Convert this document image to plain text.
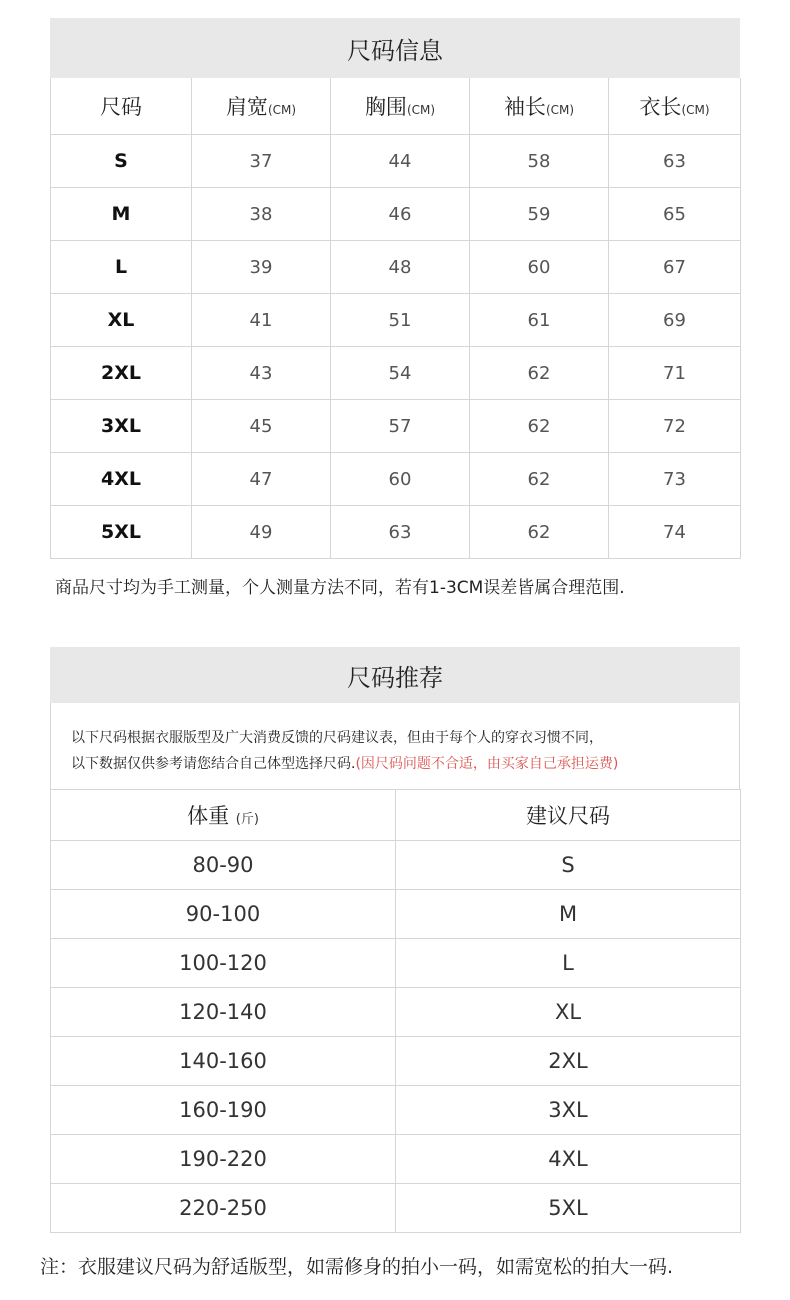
尺码信息
尺码	肩宽(CM)	胸围(CM)	袖长(CM)	衣长(CM)
S	37	44	58	63
M	38	46	59	65
L	39	48	60	67
XL	41	51	61	69
2XL	43	54	62	71
3XL	45	57	62	72
4XL	47	60	62	73
5XL	49	63	62	74
商品尺寸均为手工测量，个人测量方法不同，若有1-3CM误差皆属合理范围.
尺码推荐
以下尺码根据衣服版型及广大消费反馈的尺码建议表，但由于每个人的穿衣习惯不同，
以下数据仅供参考请您结合自己体型选择尺码.(因尺码问题不合适，由买家自己承担运费)
体重 (斤)	建议尺码
80-90	S
90-100	M
100-120	L
120-140	XL
140-160	2XL
160-190	3XL
190-220	4XL
220-250	5XL
注：衣服建议尺码为舒适版型，如需修身的拍小一码，如需宽松的拍大一码.
